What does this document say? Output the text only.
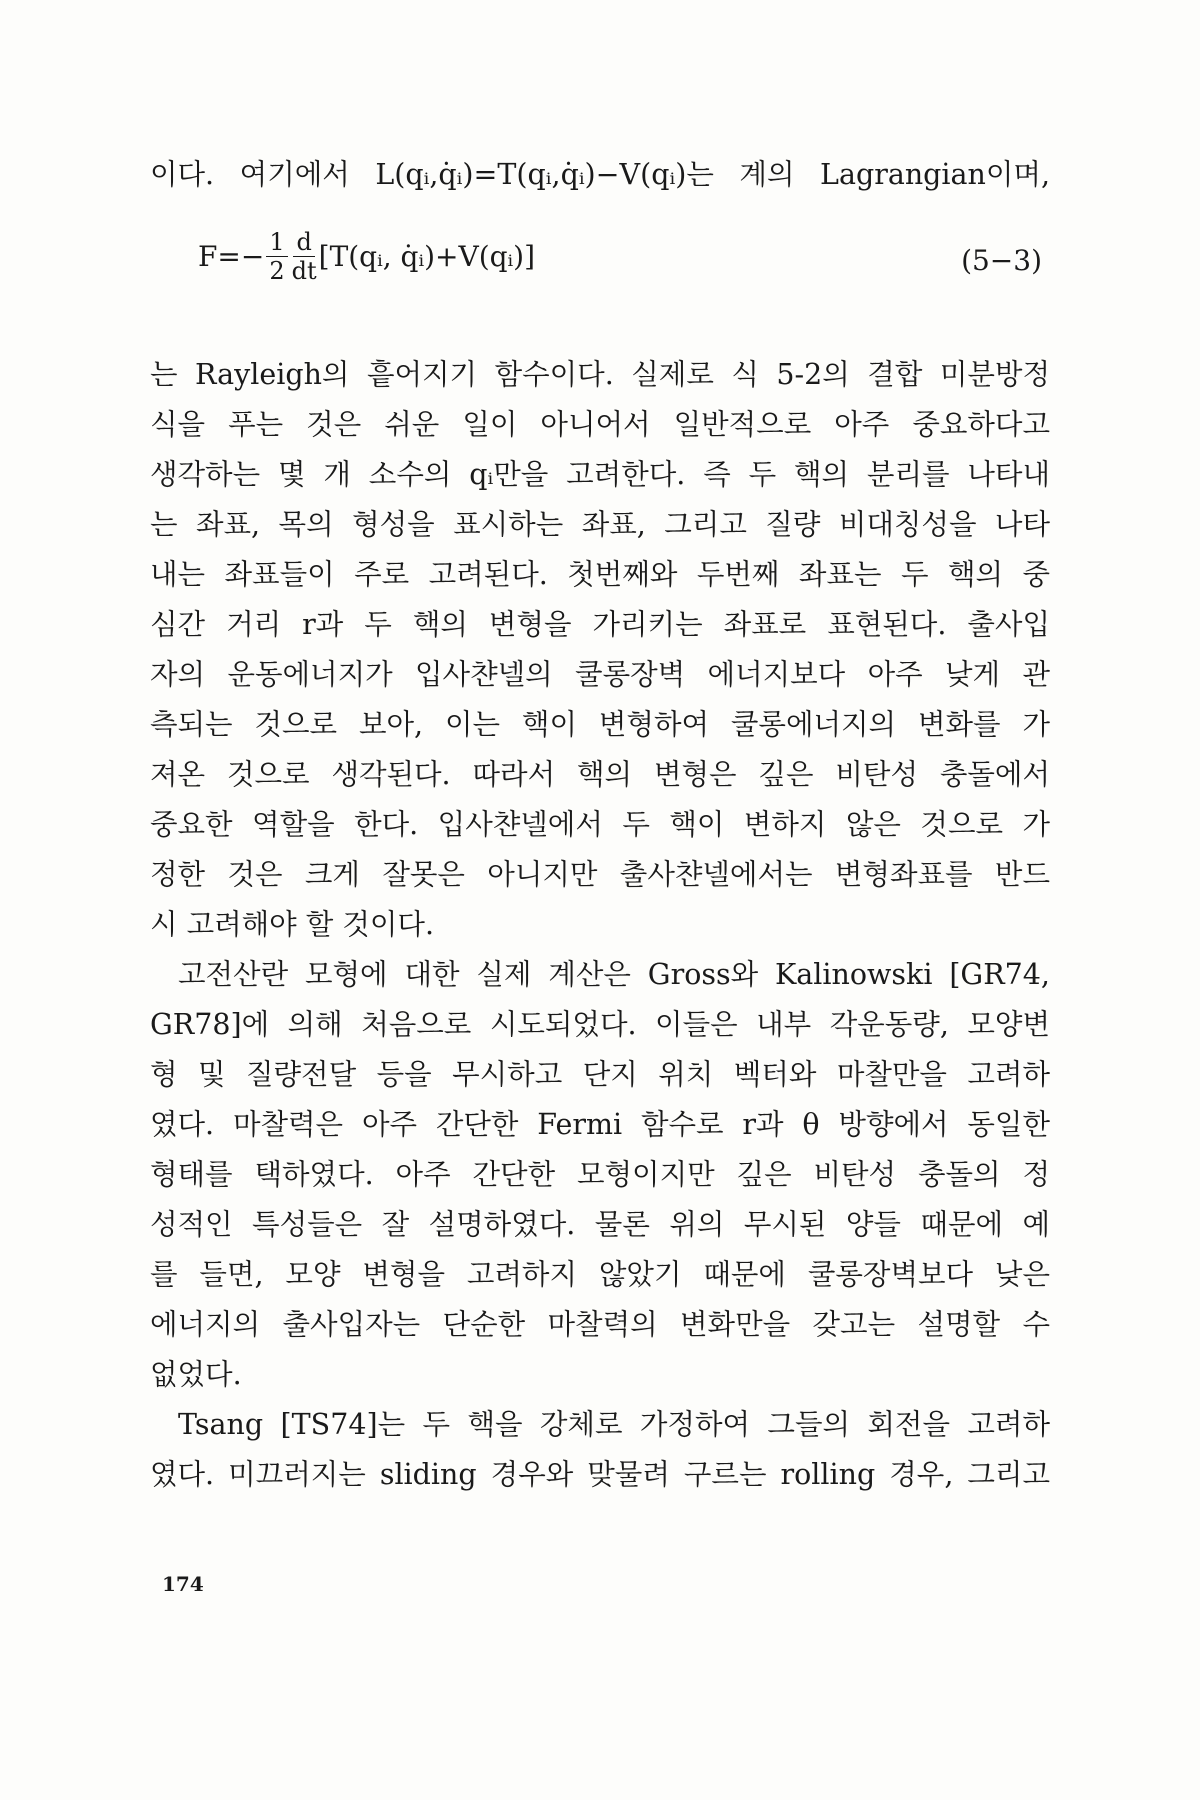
이다. 여기에서 L(qᵢ,q̇ᵢ)=T(qᵢ,q̇ᵢ)−V(qᵢ)는 계의 Lagrangian이며,
$F=- \frac{1}{2} \frac{d}{dt}$ [T(qᵢ, q̇ᵢ)+V(qᵢ)]	(5−3)
는 Rayleigh의 흩어지기 함수이다. 실제로 식 5-2의 결합 미분방정
식을 푸는 것은 쉬운 일이 아니어서 일반적으로 아주 중요하다고
생각하는 몇 개 소수의 qᵢ만을 고려한다. 즉 두 핵의 분리를 나타내
는 좌표, 목의 형성을 표시하는 좌표, 그리고 질량 비대칭성을 나타
내는 좌표들이 주로 고려된다. 첫번째와 두번째 좌표는 두 핵의 중
심간 거리 r과 두 핵의 변형을 가리키는 좌표로 표현된다. 출사입
자의 운동에너지가 입사챤넬의 쿨롱장벽 에너지보다 아주 낮게 관
측되는 것으로 보아, 이는 핵이 변형하여 쿨롱에너지의 변화를 가
져온 것으로 생각된다. 따라서 핵의 변형은 깊은 비탄성 충돌에서
중요한 역할을 한다. 입사챤넬에서 두 핵이 변하지 않은 것으로 가
정한 것은 크게 잘못은 아니지만 출사챤넬에서는 변형좌표를 반드
시 고려해야 할 것이다.
고전산란 모형에 대한 실제 계산은 Gross와 Kalinowski [GR74,
GR78]에 의해 처음으로 시도되었다. 이들은 내부 각운동량, 모양변
형 및 질량전달 등을 무시하고 단지 위치 벡터와 마찰만을 고려하
였다. 마찰력은 아주 간단한 Fermi 함수로 r과 θ 방향에서 동일한
형태를 택하였다. 아주 간단한 모형이지만 깊은 비탄성 충돌의 정
성적인 특성들은 잘 설명하였다. 물론 위의 무시된 양들 때문에 예
를 들면, 모양 변형을 고려하지 않았기 때문에 쿨롱장벽보다 낮은
에너지의 출사입자는 단순한 마찰력의 변화만을 갖고는 설명할 수
없었다.
Tsang [TS74]는 두 핵을 강체로 가정하여 그들의 회전을 고려하
였다. 미끄러지는 sliding 경우와 맞물려 구르는 rolling 경우, 그리고
174
